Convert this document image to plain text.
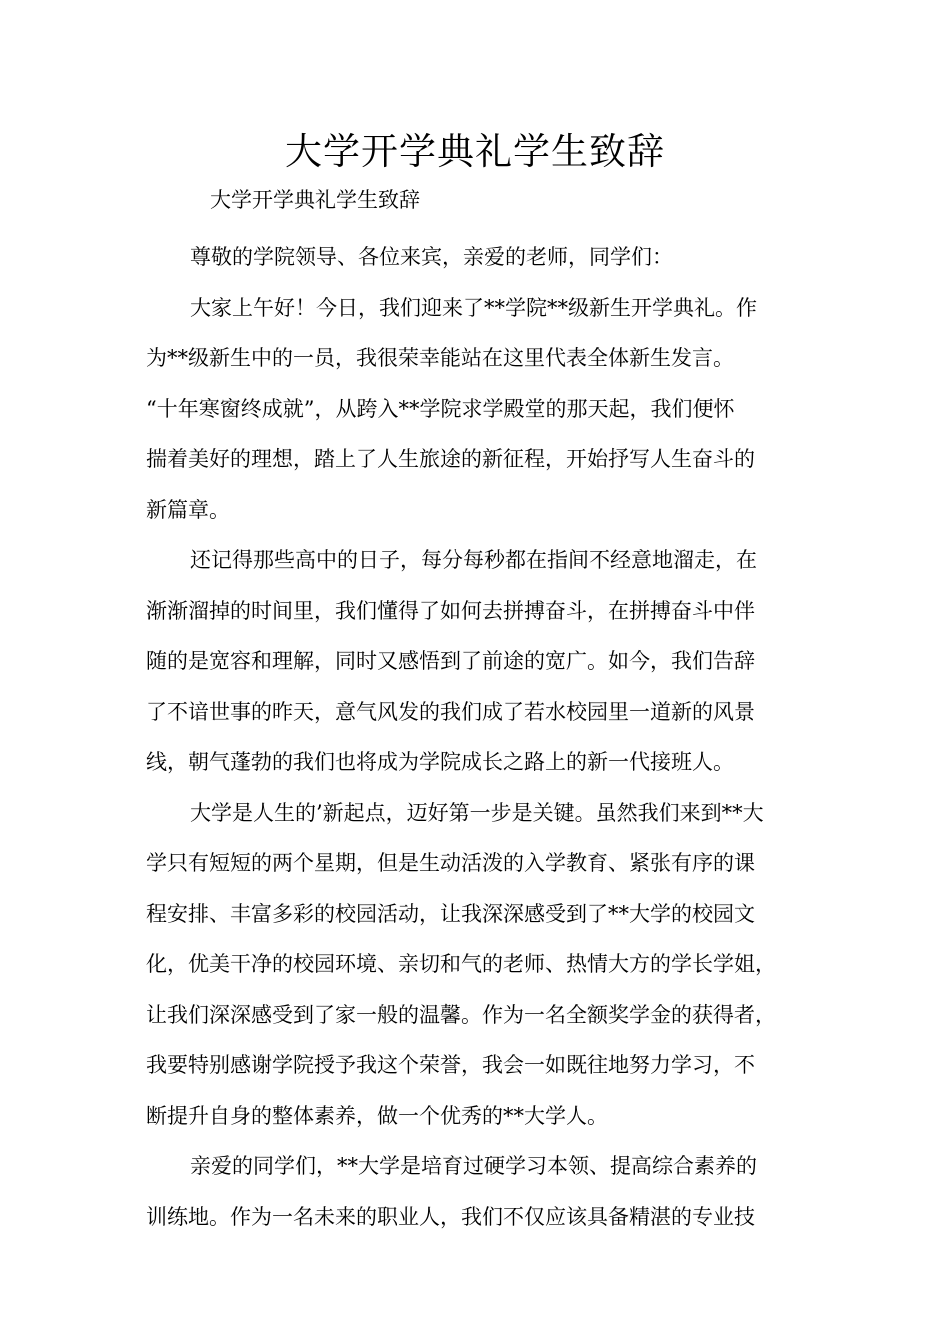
大学开学典礼学生致辞
大学开学典礼学生致辞
尊敬的学院领导、各位来宾，亲爱的老师，同学们：
大家上午好！今日，我们迎来了**学院**级新生开学典礼。作
为**级新生中的一员，我很荣幸能站在这里代表全体新生发言。
“十年寒窗终成就”，从跨入**学院求学殿堂的那天起，我们便怀
揣着美好的理想，踏上了人生旅途的新征程，开始抒写人生奋斗的
新篇章。
还记得那些高中的日子，每分每秒都在指间不经意地溜走，在
渐渐溜掉的时间里，我们懂得了如何去拼搏奋斗，在拼搏奋斗中伴
随的是宽容和理解，同时又感悟到了前途的宽广。如今，我们告辞
了不谙世事的昨天，意气风发的我们成了若水校园里一道新的风景
线，朝气蓬勃的我们也将成为学院成长之路上的新一代接班人。
大学是人生的’新起点，迈好第一步是关键。虽然我们来到**大
学只有短短的两个星期，但是生动活泼的入学教育、紧张有序的课
程安排、丰富多彩的校园活动，让我深深感受到了**大学的校园文
化，优美干净的校园环境、亲切和气的老师、热情大方的学长学姐，
让我们深深感受到了家一般的温馨。作为一名全额奖学金的获得者，
我要特别感谢学院授予我这个荣誉，我会一如既往地努力学习，不
断提升自身的整体素养，做一个优秀的**大学人。
亲爱的同学们，**大学是培育过硬学习本领、提高综合素养的
训练地。作为一名未来的职业人，我们不仅应该具备精湛的专业技
